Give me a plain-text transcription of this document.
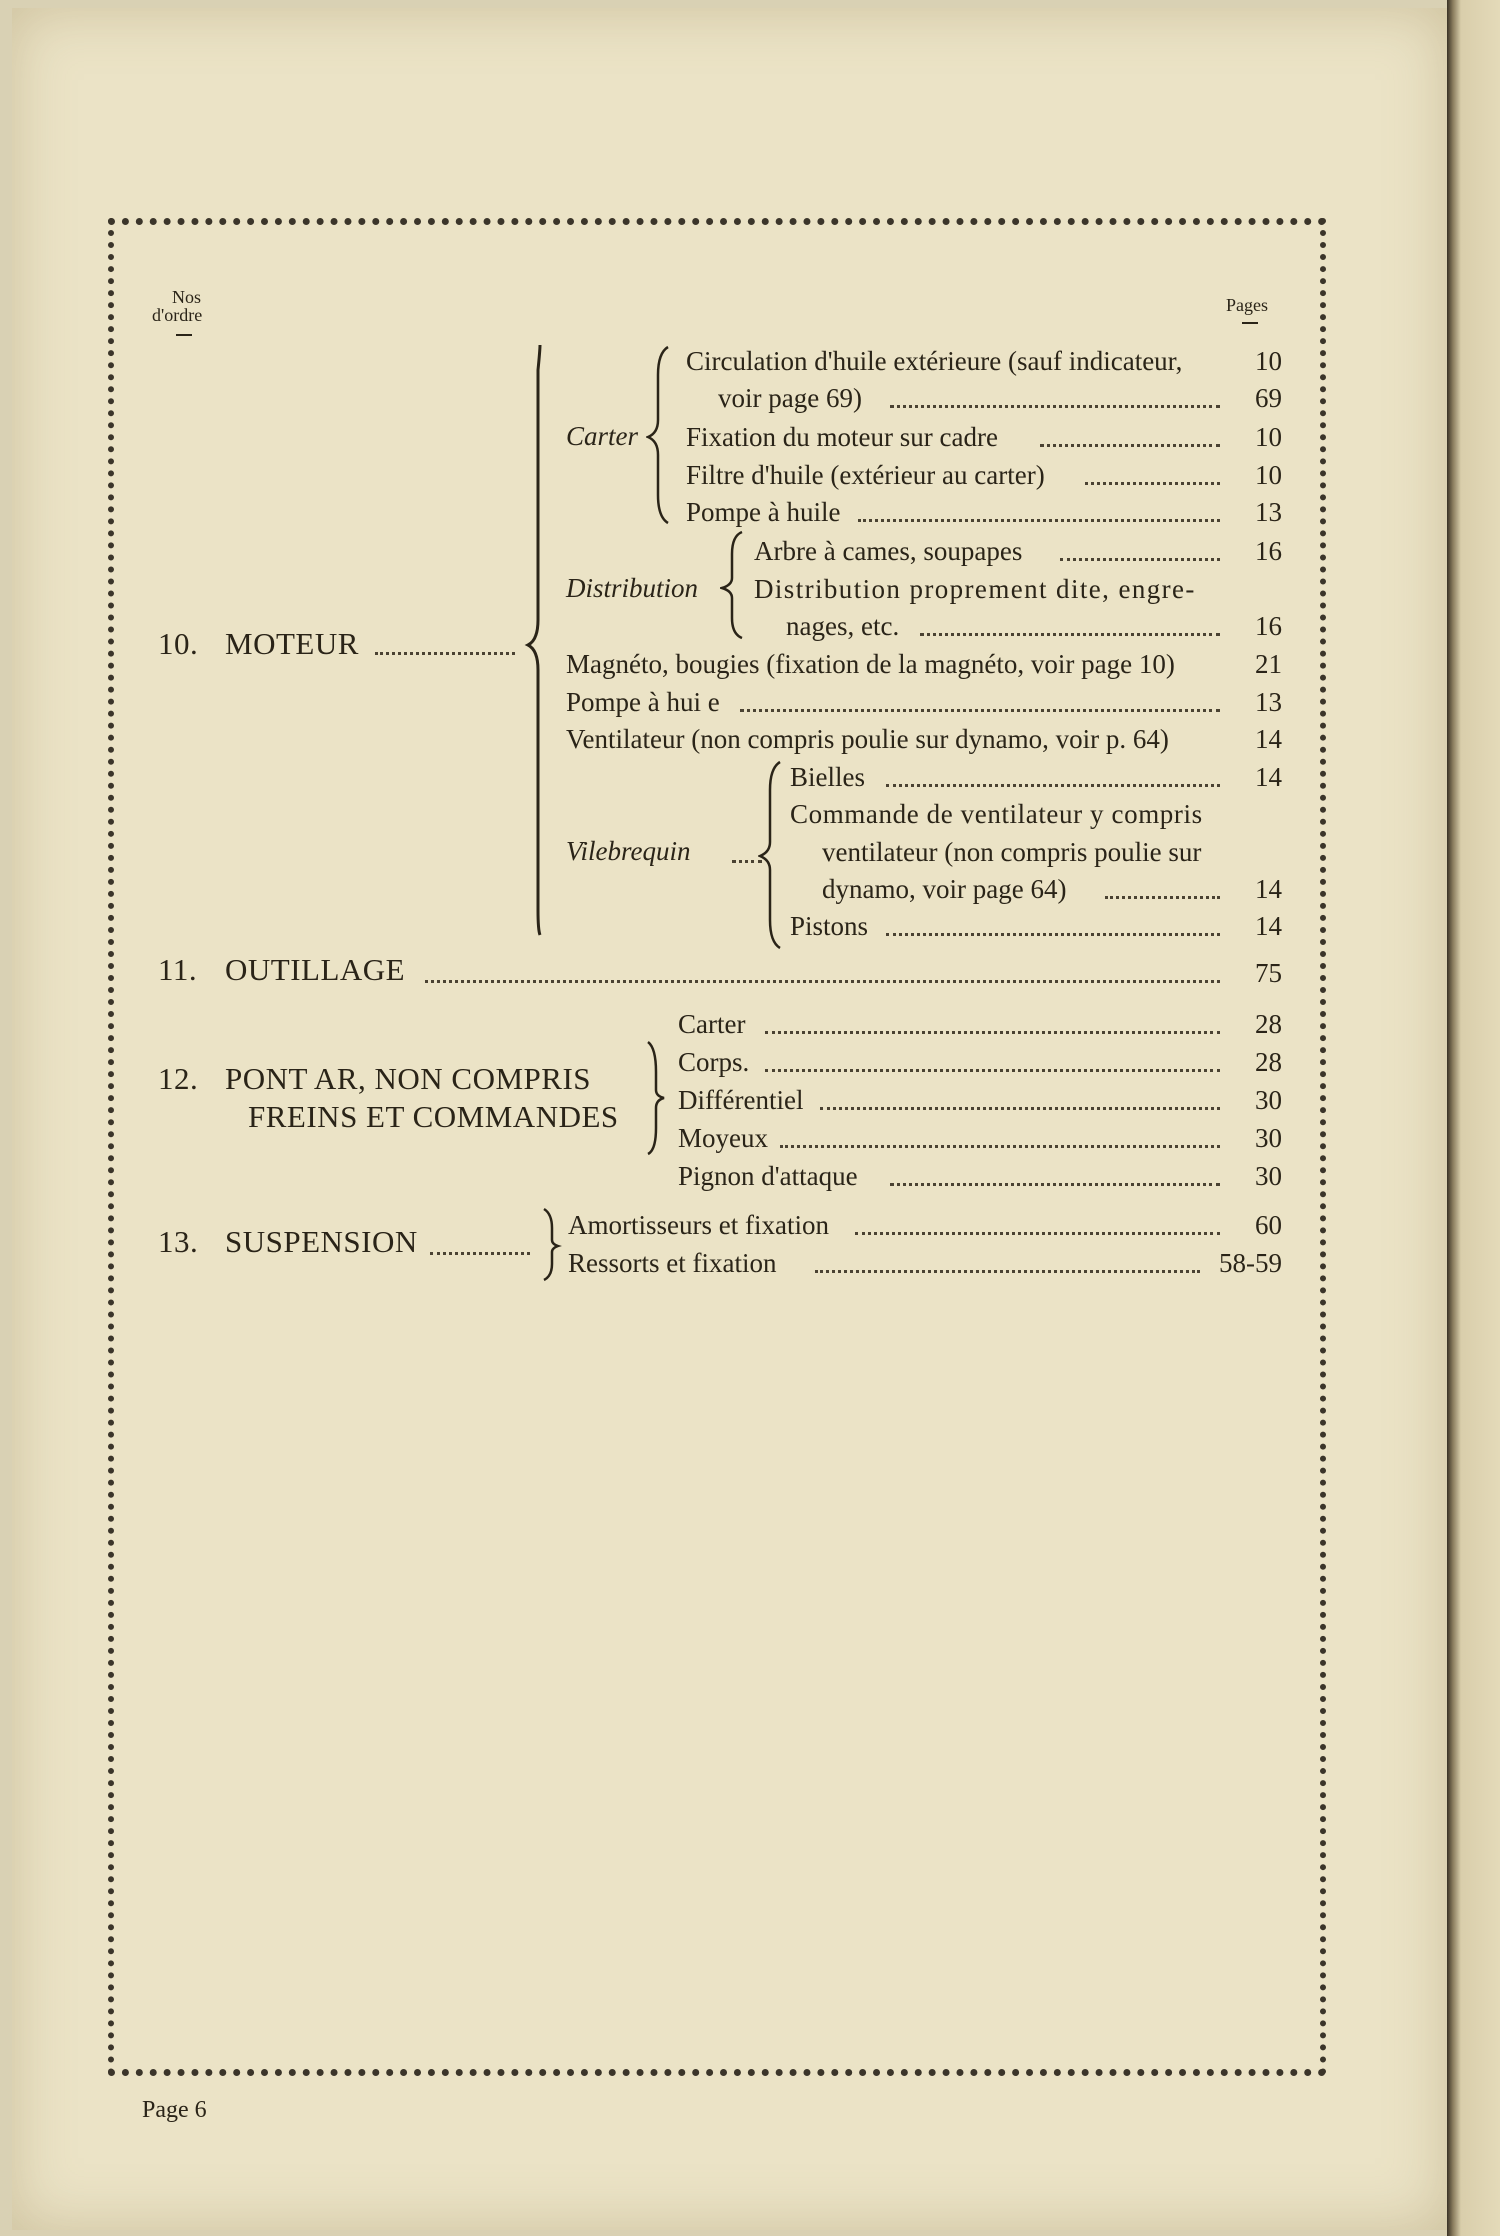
Nos
d'ordre	Pages
10. MOTEUR
Carter
Circulation d'huile extérieure (sauf indicateur,	10
voir page 69)	69
Fixation du moteur sur cadre	10
Filtre d'huile (extérieur au carter)	10
Pompe à huile	13
Distribution
Arbre à cames, soupapes	16
Distribution proprement dite, engre-
nages, etc.	16
Magnéto, bougies (fixation de la magnéto, voir page 10)	21
Pompe à hui e	13
Ventilateur (non compris poulie sur dynamo, voir p. 64)	14
Vilebrequin
Bielles	14
Commande de ventilateur y compris
ventilateur (non compris poulie sur
dynamo, voir page 64)	14
Pistons	14
11. OUTILLAGE	75
12. PONT AR, NON COMPRIS
FREINS ET COMMANDES
Carter	28
Corps.	28
Différentiel	30
Moyeux	30
Pignon d'attaque	30
13. SUSPENSION	Amortisseurs et fixation	60
Ressorts et fixation	58-59
Page 6
